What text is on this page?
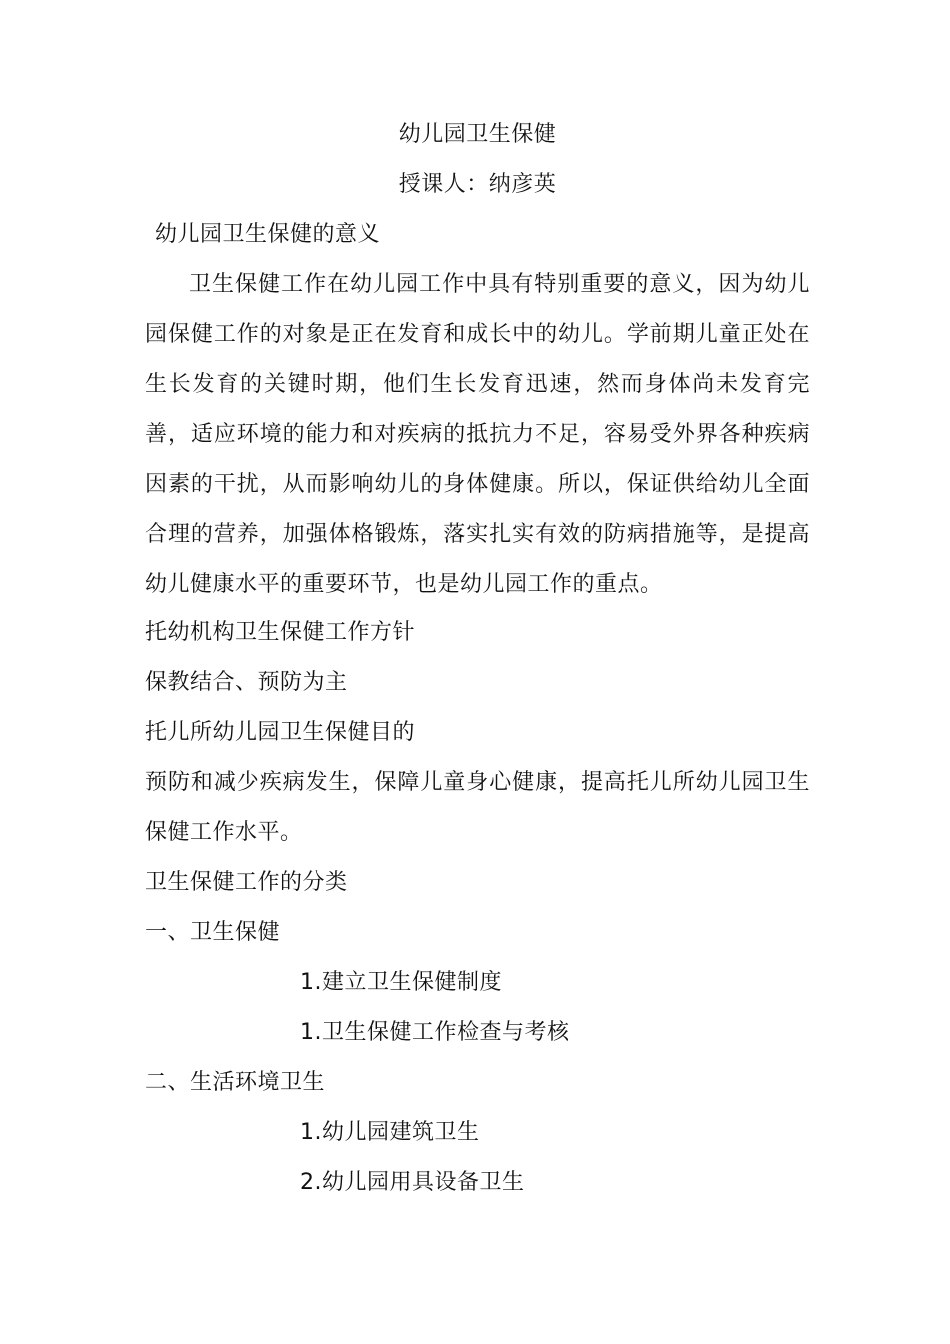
幼儿园卫生保健
授课人：纳彦英
幼儿园卫生保健的意义
卫生保健工作在幼儿园工作中具有特别重要的意义，因为幼儿园保健工作的对象是正在发育和成长中的幼儿。学前期儿童正处在生长发育的关键时期，他们生长发育迅速，然而身体尚未发育完善，适应环境的能力和对疾病的抵抗力不足，容易受外界各种疾病因素的干扰，从而影响幼儿的身体健康。所以，保证供给幼儿全面合理的营养，加强体格锻炼，落实扎实有效的防病措施等，是提高幼儿健康水平的重要环节，也是幼儿园工作的重点。
托幼机构卫生保健工作方针
保教结合、预防为主
托儿所幼儿园卫生保健目的
预防和减少疾病发生，保障儿童身心健康，提高托儿所幼儿园卫生保健工作水平。
卫生保健工作的分类
一、卫生保健
1.建立卫生保健制度
1.卫生保健工作检查与考核
二、生活环境卫生
1.幼儿园建筑卫生
2.幼儿园用具设备卫生
